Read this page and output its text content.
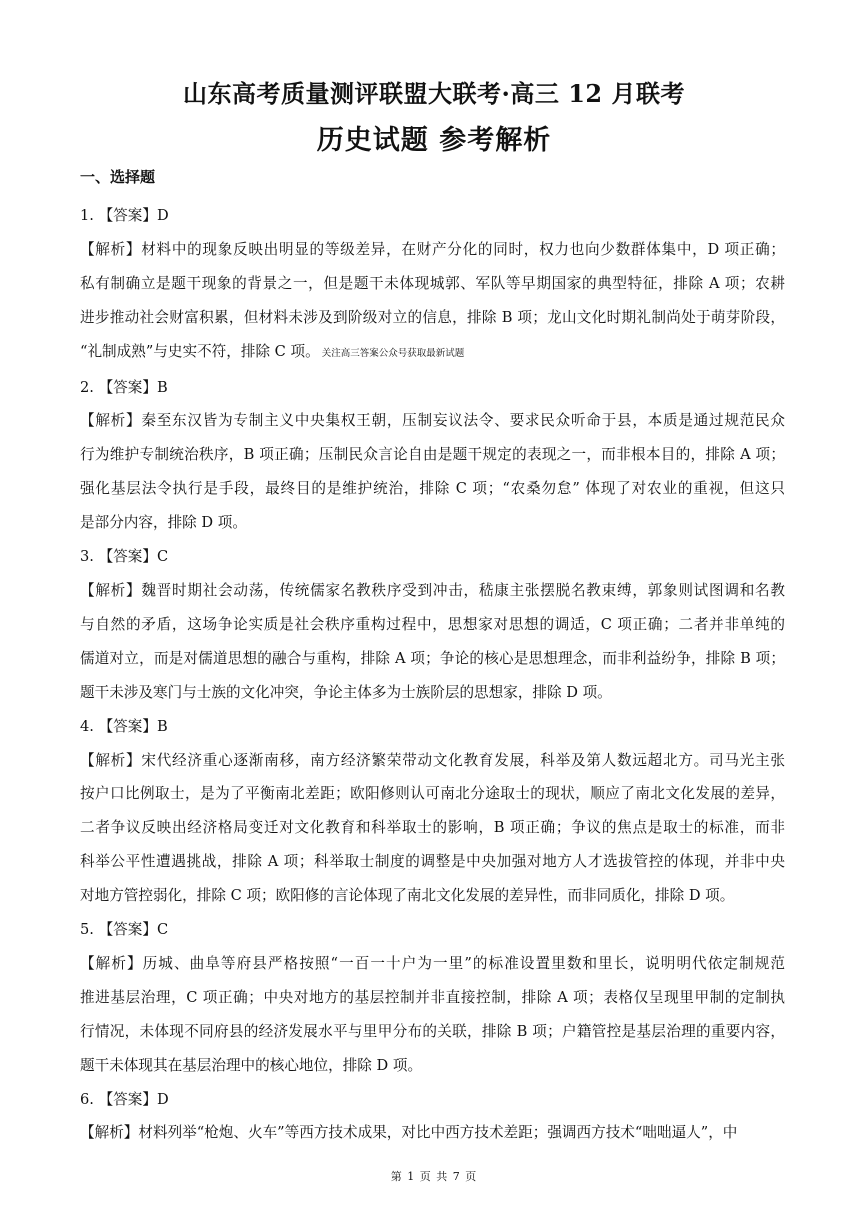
山东高考质量测评联盟大联考·高三 12 月联考
历史试题 参考解析
一、选择题
1. 【答案】D
【解析】材料中的现象反映出明显的等级差异，在财产分化的同时，权力也向少数群体集中，D 项正确；
私有制确立是题干现象的背景之一，但是题干未体现城郭、军队等早期国家的典型特征，排除 A 项；农耕
进步推动社会财富积累，但材料未涉及到阶级对立的信息，排除 B 项；龙山文化时期礼制尚处于萌芽阶段，
“礼制成熟”与史实不符，排除 C 项。 关注高三答案公众号获取最新试题
2. 【答案】B
【解析】秦至东汉皆为专制主义中央集权王朝，压制妄议法令、要求民众听命于县，本质是通过规范民众
行为维护专制统治秩序，B 项正确；压制民众言论自由是题干规定的表现之一，而非根本目的，排除 A 项；
强化基层法令执行是手段，最终目的是维护统治，排除 C 项；“农桑勿怠” 体现了对农业的重视，但这只
是部分内容，排除 D 项。
3. 【答案】C
【解析】魏晋时期社会动荡，传统儒家名教秩序受到冲击，嵇康主张摆脱名教束缚，郭象则试图调和名教
与自然的矛盾，这场争论实质是社会秩序重构过程中，思想家对思想的调适，C 项正确；二者并非单纯的
儒道对立，而是对儒道思想的融合与重构，排除 A 项；争论的核心是思想理念，而非利益纷争，排除 B 项；
题干未涉及寒门与士族的文化冲突，争论主体多为士族阶层的思想家，排除 D 项。
4. 【答案】B
【解析】宋代经济重心逐渐南移，南方经济繁荣带动文化教育发展，科举及第人数远超北方。司马光主张
按户口比例取士，是为了平衡南北差距；欧阳修则认可南北分途取士的现状，顺应了南北文化发展的差异，
二者争议反映出经济格局变迁对文化教育和科举取士的影响，B 项正确；争议的焦点是取士的标准，而非
科举公平性遭遇挑战，排除 A 项；科举取士制度的调整是中央加强对地方人才选拔管控的体现，并非中央
对地方管控弱化，排除 C 项；欧阳修的言论体现了南北文化发展的差异性，而非同质化，排除 D 项。
5. 【答案】C
【解析】历城、曲阜等府县严格按照“一百一十户为一里”的标准设置里数和里长，说明明代依定制规范
推进基层治理，C 项正确；中央对地方的基层控制并非直接控制，排除 A 项；表格仅呈现里甲制的定制执
行情况，未体现不同府县的经济发展水平与里甲分布的关联，排除 B 项；户籍管控是基层治理的重要内容，
题干未体现其在基层治理中的核心地位，排除 D 项。
6. 【答案】D
【解析】材料列举“枪炮、火车”等西方技术成果，对比中西方技术差距；强调西方技术“咄咄逼人”，中
第 1 页 共 7 页
